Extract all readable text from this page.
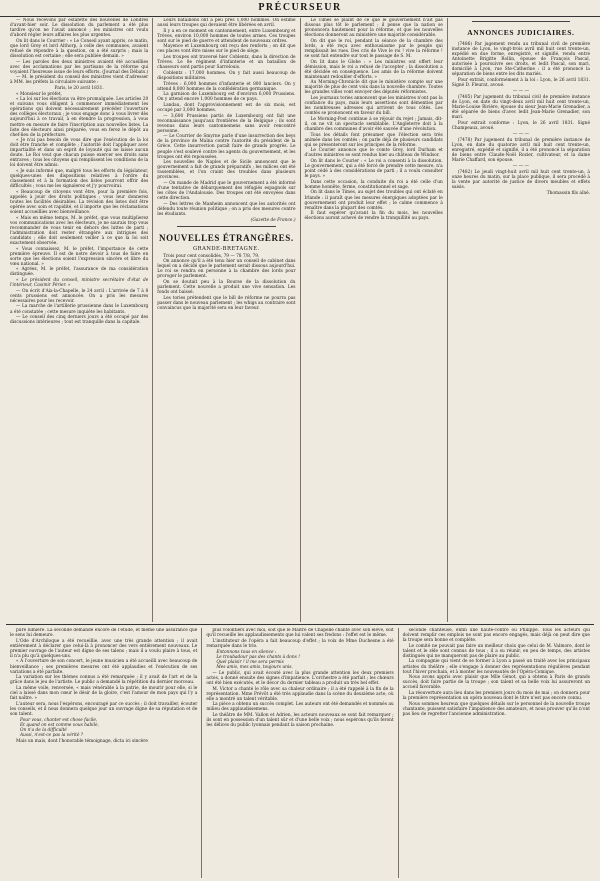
PRÉCURSEUR

— Nous recevons par estafette des nouvelles de Londres d'avant-hier soir. Le dissolution du parlement a été plus tardive qu'on ne l'avait annoncé ; les ministres ont voulu d'abord régler leurs affaires les plus urgentes.

On lit dans le Courrier : « Le Conseil ayant appris, ce matin, que lord Grey et lord Althorp, à celle des communes, avaient refusé de répondre à la question, on a été surpris ; mais la dissolution est certaine ; elle sera publiée demain. »

— Les paroles des deux ministres avaient été accueillies avec des acclamations par les partisans de la réforme qui voyaient l'heureuse issue de leurs efforts. (Journal des Débats.)

— M. le président du conseil des ministres vient d'adresser à MM. les préfets la circulaire suivante :

Paris, le 20 avril 1831.

« Monsieur le préfet,

« La loi sur les élections va être promulguée. Les articles 20 et suivans vous obligent à commencer immédiatement les opérations qui doivent nécessairement précéder l'ouverture des collèges électoraux ; je vous engage donc à vous livrer dès aujourd'hui à ce travail, à en étendre la progression, à vous mettre en mesure de faire l'inscription aux nouvelles listes. La liste des électeurs ainsi préparée, vous en ferez le dépôt au chef-lieu de la préfecture.

« Je n'ai pas besoin de vous dire que l'exécution de la loi doit être franche et complète ; l'autorité doit l'appliquer avec impartialité et dans un esprit de loyauté qui ne laisse aucun doute. Le Roi veut que chacun puisse exercer ses droits sans entraves ; tous les citoyens qui remplissent les conditions de la loi doivent être admis.

« Je suis informé que, malgré tous les efforts du législateur, quelques-unes des dispositions relatives à l'ordre du classement et à la formation des listes pourront offrir des difficultés ; vous me les signalerez et j'y pourvoirai.

« Beaucoup de citoyens vont être, pour la première fois, appelés à jouir des droits politiques ; vous leur donnerez toutes les facilités désirables. La révision des listes doit être opérée avec soin et rapidité, et il importe que les réclamations soient accueillies avec bienveillance.

« Mais en même temps, M. le préfet, que vous multiplierez vos communications avec les électeurs, je ne saurais trop vous recommander de vous tenir en dehors des luttes de parti ; l'administration doit rester étrangère aux intrigues des candidats ; elle doit seulement veiller à ce que la loi soit exactement observée.

« Vous connaissez, M. le préfet, l'importance de cette première épreuve. Il est de notre devoir à tous de faire en sorte que les élections soient l'expression sincère et libre du vœu national. »

« Agréez, M. le préfet, l'assurance de ma considération distinguée.

« Le président du conseil, ministre secrétaire d'état de l'intérieur, Casimir Périer. »

— On écrit d'Aix-la-Chapelle, le 24 avril : L'arrivée de 7 à 8 cents prussiens est annoncée. On a pris les mesures nécessaires pour les recevoir.

— La marche de l'artillerie prussienne dans le Luxembourg a été constatée ; cette mesure inquiète les habitants.

— Le conseil des cinq derniers jours a été occupé par des discussions intérieures ; tout est tranquille dans la capitale.

Leurs bataillons ont à peu près 1,000 hommes. On estime aussi leurs troupes qui devaient être libérées en avril.

Il y a en ce moment en cantonnement, entre Luxembourg et Trèves, environ 10,000 hommes de toutes armes. Ces troupes sont sur le pied de guerre et attendent de nouveaux ordres.

Mayence et Luxembourg ont reçu des renforts ; on dit que ces places vont être mises sur le pied de siège.

Les troupes ont traversé hier Coblentz, dans la direction de Trèves. Le 8e régiment d'infanterie et un bataillon de chasseurs sont partis pour Sarrelouis.

Coblentz : 17,000 hommes. On y fait aussi beaucoup de dispositions militaires.

Trèves : 6,000 hommes d'infanterie et 800 lanciers. On y attend 8,000 hommes de la confédération germanique.

La garnison de Luxembourg est d'environ 6,000 Prussiens. On y attend encore 1,000 hommes de ce pays.

Landau, dont l'approvisionnement est de six mois, est occupé par 3,000 hommes.

— 3,600 Prussiens partis de Luxembourg ont fait une reconnaissance jusqu'aux frontières de la Belgique ; ils sont revenus dans leurs cantonnemens sans avoir rencontré personne.

— Le Courrier de Smyrne parle d'une insurrection des beys de la province de Maïna contre l'autorité du président de la Grèce. Cette insurrection paraît faire de grands progrès. Le peuple s'est soulevé contre les agents du gouvernement, et les troupes ont été repoussées.

Les nouvelles de Naples et de Sicile annoncent que le gouvernement a fait de grands préparatifs ; les milices ont été rassemblées, et l'on craint des troubles dans plusieurs provinces.

— On mande de Madrid que le gouvernement a été informé d'une tentative de débarquement des réfugiés espagnols sur les côtes de l'Andalousie. Des troupes ont été envoyées dans cette direction.

— Des lettres de Manheim annoncent que les autorités ont défendu toute réunion politique ; on a pris des mesures contre les étudiants.

(Gazette de France.)

NOUVELLES ÉTRANGÈRES.
GRANDE-BRETAGNE.

Trois pour cent consolidés, 79 — 78 7/8, 79.

On annonce qu'il a été tenu hier un conseil de cabinet dans lequel on a décidé que le parlement serait dissous aujourd'hui. Le roi se rendra en personne à la chambre des lords pour proroger le parlement.

On se doutait peu à la Bourse de la dissolution du parlement. Cette nouvelle a produit une vive sensation. Les fonds ont baissé.

Les tories prétendent que le bill de réforme ne pourra pas passer dans le nouveau parlement ; les whigs au contraire sont convaincus que la majorité sera en leur faveur.

Le Times se plaint de ce que le gouvernement n'ait pas dissous plus tôt le parlement ; il pense que la nation se prononcera hautement pour la réforme, et que les nouvelles élections donneront au ministère une majorité considérable.

On dit que le roi, pendant la séance de la chambre des lords, a été reçu avec enthousiasme par le peuple qui remplissait les rues. Des cris de Vive le roi ! vive la réforme ! se sont fait entendre sur tout le passage de S. M.

On lit dans le Globe : « Les ministres ont offert leur démission, mais le roi a refusé de l'accepter ; la dissolution a été décidée en conséquence. Les amis de la réforme doivent maintenant redoubler d'efforts. »

Au Morning-Chronicle dit que le ministère compte sur une majorité de plus de cent voix dans la nouvelle chambre. Toutes les grandes villes vont envoyer des députés réformistes.

Les journaux tories annoncent que les ministres n'ont pas la confiance du pays, mais leurs assertions sont démenties par les nombreuses adresses qui arrivent de tous côtés. Les comtés se prononcent en faveur du bill.

Le Morning-Post continue à se réjouir du rejet ; Jamais, dit-il, on ne vit un spectacle semblable. L'Angleterre doit à la chambre des communes d'avoir été sauvée d'une révolution.

Tous les détails font présumer que l'élection sera très animée dans les comtés ; on parle déjà de plusieurs candidats qui se présenteront sur les principes de la réforme.

Le Courier annonce que le comte Grey, lord Durham et d'autres ministres se sont rendus hier au château de Windsor.

On lit dans le Courier : « Le roi a consenti à la dissolution. Le gouvernement, qui a été forcé de prendre cette mesure, n'a point cédé à des considérations de parti ; il a voulu consulter le pays. »

Dans cette occasion, la conduite du roi a été celle d'un homme honnête, ferme, constitutionnel et sage.

On lit dans le Times, au sujet des troubles qui ont éclaté en Irlande : il paraît que les mesures énergiques adoptées par le gouvernement ont produit leur effet ; le calme commence à renaître dans la plupart des comtés.

Il faut espérer qu'avant la fin du mois, les nouvelles élections auront achevé de rendre la tranquillité au pays.

ANNONCES JUDICIAIRES.

(7486) Par jugement rendu au tribunal civil de première instance de Lyon, le vingt-trois avril mil huit cent trente-un, expédié en due forme, enregistré, et signifié, rendu entre Antoinette Brigitte Rollin, épouse de François Pascal, autorisée à poursuivre ses droits, et ledit Pascal, son mari, domicilié à Lyon, rue Ste-Catherine : il a été prononcé la séparation de biens entre les dits mariés.

Pour extrait, conformément à la loi : Lyon, le 26 avril 1831. Signé D. Fleurat, avoué.

— — —

(7485) Par jugement du tribunal civil de première instance de Lyon, en date du vingt-deux avril mil huit cent trente-un, Marie-Louise Rivière, épouse du sieur Jean-Marie Grenadier, a été séparée de biens d'avec ledit Jean-Marie Grenadier, son mari.

Pour extrait conforme : Lyon, le 26 avril 1831. Signé Champeaux, avoué.

— — —

(7478) Par jugement du tribunal de première instance de Lyon, en date du quatorze avril mil huit cent trente-un, enregistré, expédié et signifié, il a été prononcé la séparation de biens entre Claude-Noël Rozier, cultivateur, et la dame Marie Chaffard, son épouse.

— — —

(7482) Le jeudi vingt-huit avril mil huit cent trente-un, à onze heures du matin, sur la place publique, il sera procédé à la vente par autorité de justice de divers meubles et effets saisis.

Thomassin fils aîné.

pure lumière. La seconde demande encore de l'étude, et même une assurance que le sens lui demeure.

L'Ode d'Archiloque a été recueillie, avec une très grande attention ; il avait entièrement à déclarer que celui-là à prononcer des vers entièrement nouveaux. Le premier ouvrage de l'auteur est digne de ses talens ; mais il a voulu plaire à tous, et il n'a plu qu'à quelques-uns.

« A l'ouverture de son concert, le jeune musicien a été accueilli avec beaucoup de bienveillance ; ses premières mesures ont été applaudies et l'exécution de ses variations a été parfaite.

La variation sur les thèmes connus a été remarquée ; il y avait de l'art et de la grâce dans le jeu de l'artiste. Le public a demandé la répétition du dernier morceau.

La même voile, renversée, « mais vénérable à la patrie, de mourir pour elle, si le ciel a laissé dans mon cœur le désir de la gloire, c'est l'amour de mon pays qui l'y a fait naître. »

L'auteur sera, nous l'espérons, encouragé par ce succès ; il doit travailler, écouter les conseils, et il nous donnera quelque jour un ouvrage digne de sa réputation et de son talent.

Pour vous, chanter est chose facile,
Et quand on est comme vous habile,
On n'a de la difficulté
Aussi, n'est-ce pas la vérité ?

Mais un mais, dont l'honorable témoignage, dicta ici sincère

plus volontiers avec moi, soit que le Maître de Chapelle chante avec son élève, soit qu'il recueille les applaudissements que lui valent ses fredons : l'effet est le même.

L'instituteur de l'opéra a fait beaucoup d'effet ; la voix de Mme Duchesne a été remarquée dans le trio.

Entonnons tous en silence :
Le troubadour pas des chants à dons !
Quel plaisir ! il me sera permis
Mes amis, mes amis, toujours unis.

— Le public, qui avait écouté avec la plus grande attention les deux premiers actes, a donné ensuite des signes d'impatience. L'orchestre a été parfait ; les chœurs ont été bien exécutés, et le décor du dernier tableau a produit un très bel effet.

M. Victor a chanté le rôle avec sa chaleur ordinaire ; il a été rappelé à la fin de la représentation. Mme Prévôt a été très applaudie dans la scène du deuxième acte, où elle a montré un talent véritable.

La pièce a obtenu un succès complet. Les auteurs ont été demandés et nommés au milieu des applaudissemens.

Le théâtre de MM. Vallon et Adrien, les acteurs nouveaux se sont fait remarquer ; ils sont en possession d'un talent sûr et d'une belle voix ; nous espérons qu'ils feront les délices du public lyonnais pendant la saison prochaine.

seconde chanteuse, enfin une haute-contre ou Philippe. Tous les acteurs qui doivent remplir ces emplois ne sont pas encore engagés, mais déjà on peut dire que la troupe sera bonne et complète.

Le comité ne pouvait pas faire un meilleur choix que celui de M. Valmore, dont le talent et le zèle sont connus de tous ; il a su réunir, en peu de temps, des artistes distingués qui ne manqueront pas de plaire au public.

La compagnie qui vient de se former à Lyon a passé un traité avec les principaux artistes du théâtre ; elle s'engage à donner des représentations régulières pendant tout l'hiver prochain, et à monter les nouveautés de l'Opéra-Comique.

Nous avons appris avec plaisir que Mlle Génot, qui a obtenu à Paris de grands succès, doit faire partie de la troupe ; son talent et sa belle voix lui assureront un accueil favorable.

La réouverture aura lieu dans les premiers jours du mois de mai ; on donnera pour la première représentation un opéra nouveau dont le titre n'est pas encore connu.

Nous sommes heureux que quelques détails sur le personnel de la nouvelle troupe chantante, puissent satisfaire l'impatience des amateurs, et nous prouver qu'ils n'ont pas lieu de regretter l'ancienne administration.
